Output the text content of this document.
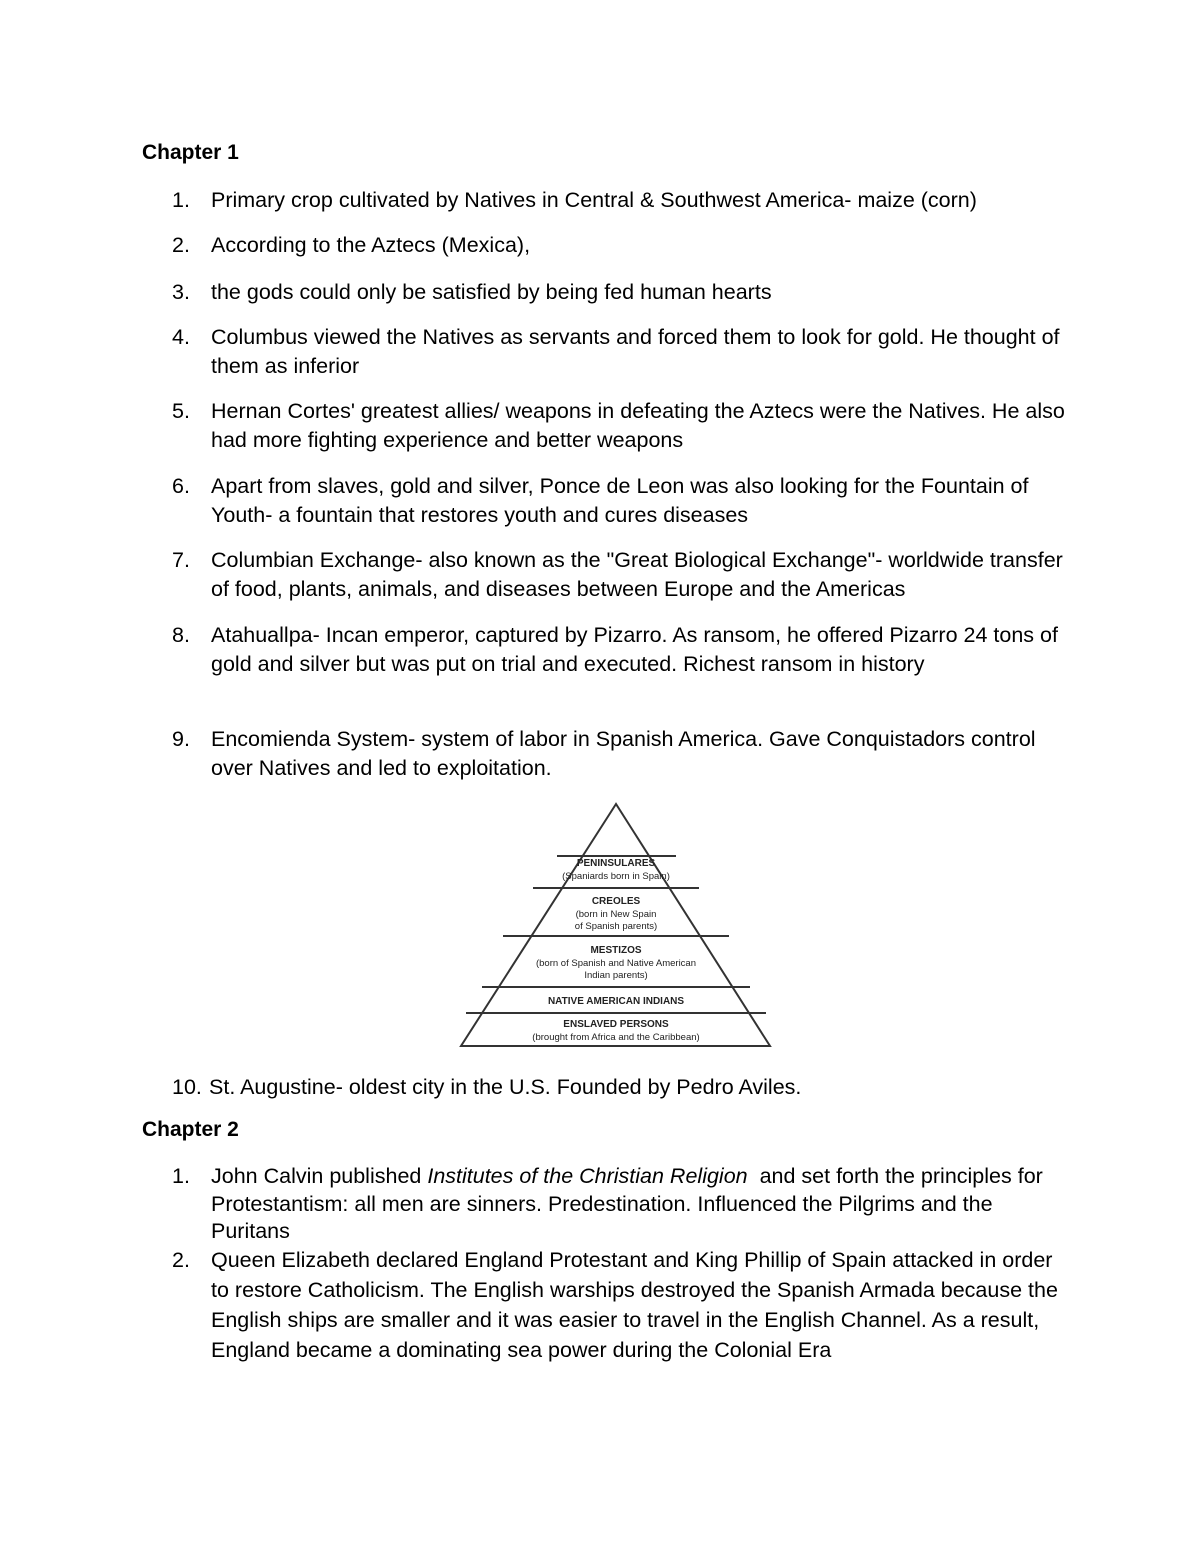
Chapter 1
1. Primary crop cultivated by Natives in Central & Southwest America- maize (corn)
2. According to the Aztecs (Mexica),
3. the gods could only be satisfied by being fed human hearts
4. Columbus viewed the Natives as servants and forced them to look for gold. He thought of them as inferior
5. Hernan Cortes' greatest allies/ weapons in defeating the Aztecs were the Natives. He also had more fighting experience and better weapons
6. Apart from slaves, gold and silver, Ponce de Leon was also looking for the Fountain of Youth- a fountain that restores youth and cures diseases
7. Columbian Exchange- also known as the "Great Biological Exchange"- worldwide transfer of food, plants, animals, and diseases between Europe and the Americas
8. Atahuallpa- Incan emperor, captured by Pizarro. As ransom, he offered Pizarro 24 tons of gold and silver but was put on trial and executed. Richest ransom in history
9. Encomienda System- system of labor in Spanish America. Gave Conquistadors control over Natives and led to exploitation.
PENINSULARES
(Spaniards born in Spain)
CREOLES
(born in New Spain
of Spanish parents)
MESTIZOS
(born of Spanish and Native American
Indian parents)
NATIVE AMERICAN INDIANS
ENSLAVED PERSONS
(brought from Africa and the Caribbean)
10. St. Augustine- oldest city in the U.S. Founded by Pedro Aviles.
Chapter 2
1. John Calvin published Institutes of the Christian Religion  and set forth the principles for Protestantism: all men are sinners. Predestination. Influenced the Pilgrims and the Puritans
2. Queen Elizabeth declared England Protestant and King Phillip of Spain attacked in order to restore Catholicism. The English warships destroyed the Spanish Armada because the English ships are smaller and it was easier to travel in the English Channel. As a result, England became a dominating sea power during the Colonial Era
